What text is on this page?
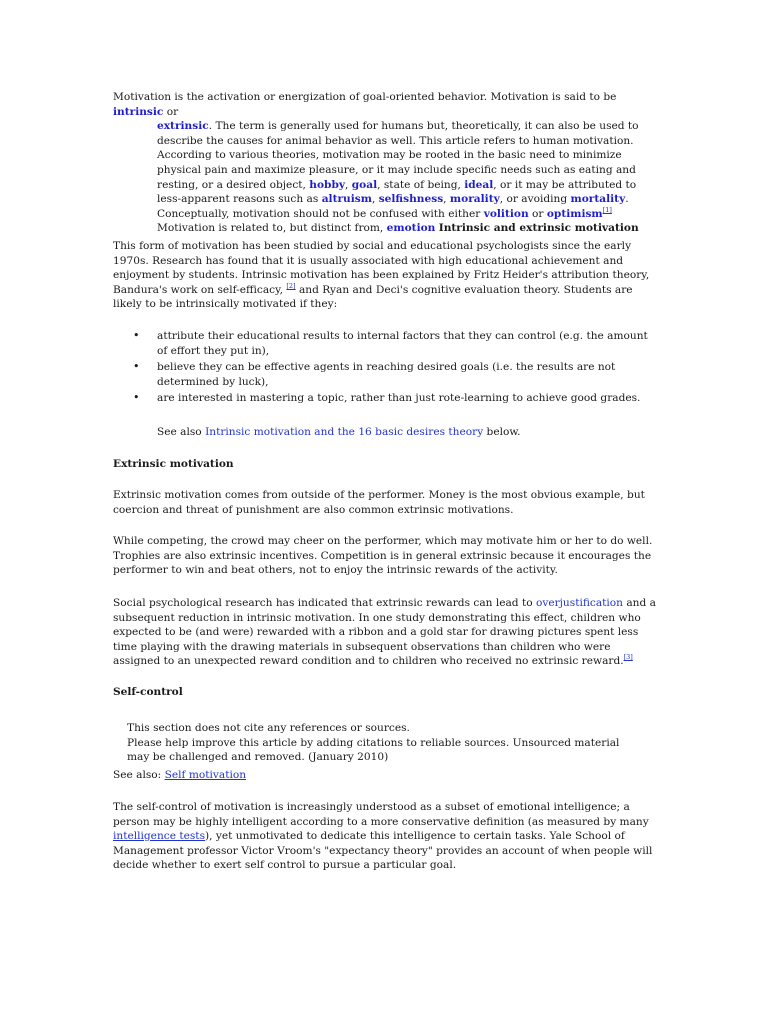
Motivation is the activation or energization of goal-oriented behavior. Motivation is said to be intrinsic or

extrinsic. The term is generally used for humans but, theoretically, it can also be used to describe the causes for animal behavior as well. This article refers to human motivation. According to various theories, motivation may be rooted in the basic need to minimize physical pain and maximize pleasure, or it may include specific needs such as eating and resting, or a desired object, hobby, goal, state of being, ideal, or it may be attributed to less-apparent reasons such as altruism, selfishness, morality, or avoiding mortality. Conceptually, motivation should not be confused with either volition or optimism[1] Motivation is related to, but distinct from, emotion Intrinsic and extrinsic motivation

This form of motivation has been studied by social and educational psychologists since the early 1970s. Research has found that it is usually associated with high educational achievement and enjoyment by students. Intrinsic motivation has been explained by Fritz Heider's attribution theory, Bandura's work on self-efficacy, [2] and Ryan and Deci's cognitive evaluation theory. Students are likely to be intrinsically motivated if they:

• attribute their educational results to internal factors that they can control (e.g. the amount of effort they put in),
• believe they can be effective agents in reaching desired goals (i.e. the results are not determined by luck),
• are interested in mastering a topic, rather than just rote-learning to achieve good grades.

See also Intrinsic motivation and the 16 basic desires theory below.

Extrinsic motivation

Extrinsic motivation comes from outside of the performer. Money is the most obvious example, but coercion and threat of punishment are also common extrinsic motivations.

While competing, the crowd may cheer on the performer, which may motivate him or her to do well. Trophies are also extrinsic incentives. Competition is in general extrinsic because it encourages the performer to win and beat others, not to enjoy the intrinsic rewards of the activity.

Social psychological research has indicated that extrinsic rewards can lead to overjustification and a subsequent reduction in intrinsic motivation. In one study demonstrating this effect, children who expected to be (and were) rewarded with a ribbon and a gold star for drawing pictures spent less time playing with the drawing materials in subsequent observations than children who were assigned to an unexpected reward condition and to children who received no extrinsic reward.[3]

Self-control

This section does not cite any references or sources.
Please help improve this article by adding citations to reliable sources. Unsourced material may be challenged and removed. (January 2010)

See also: Self motivation

The self-control of motivation is increasingly understood as a subset of emotional intelligence; a person may be highly intelligent according to a more conservative definition (as measured by many intelligence tests), yet unmotivated to dedicate this intelligence to certain tasks. Yale School of Management professor Victor Vroom's "expectancy theory" provides an account of when people will decide whether to exert self control to pursue a particular goal.
